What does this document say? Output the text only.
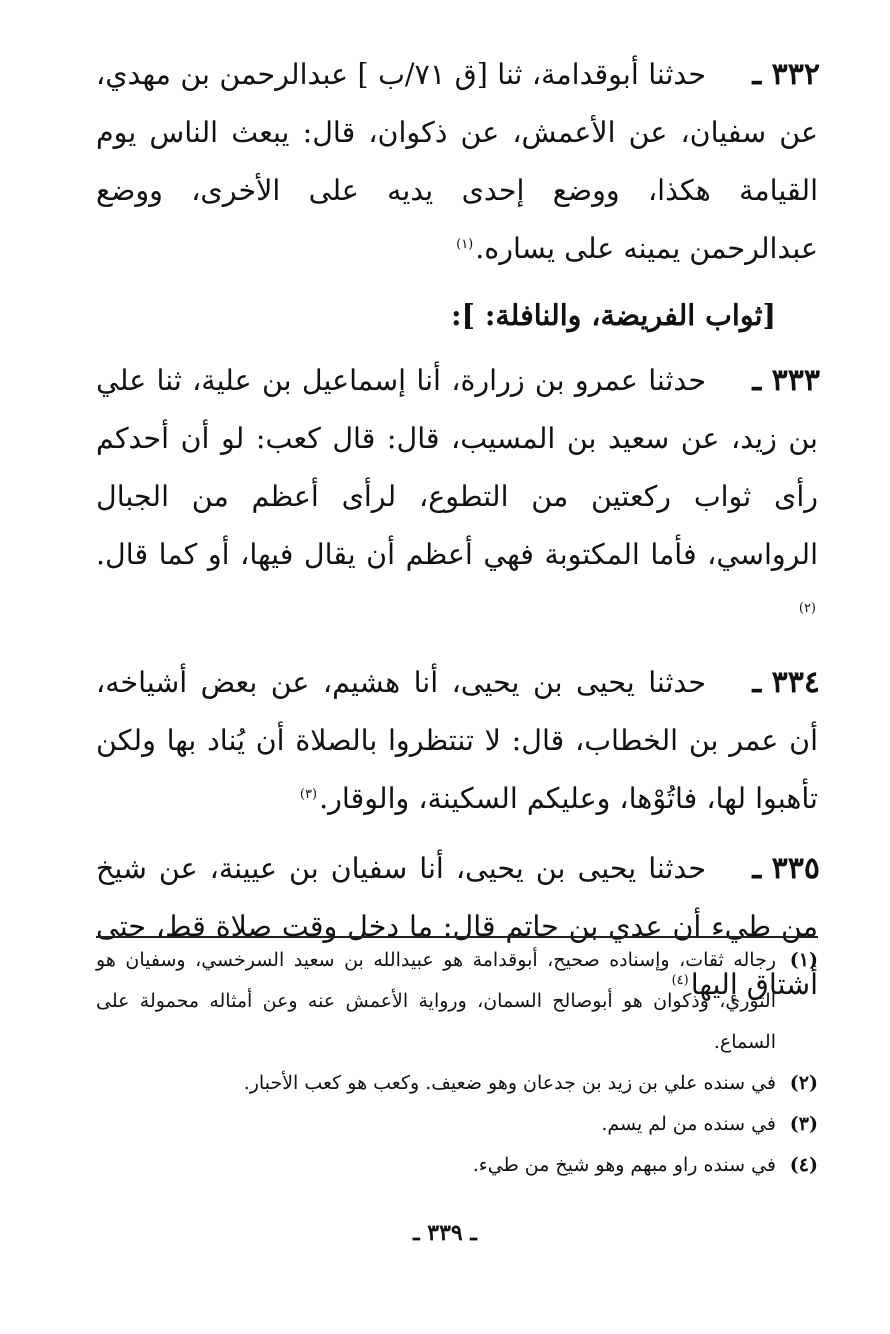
٣٣٢ ـ

حدثنا أبوقدامة، ثنا [ق ٧١/ب ] عبدالرحمن بن مهدي، عن سفيان، عن الأعمش، عن ذكوان، قال: يبعث الناس يوم القيامة هكذا، ووضع إحدى يديه على الأخرى، ووضع عبدالرحمن يمينه على يساره.$^{(١)}$

[ثواب الفريضة، والنافلة: ]:
٣٣٣ ـ

حدثنا عمرو بن زرارة، أنا إسماعيل بن علية، ثنا علي بن زيد، عن سعيد بن المسيب، قال: قال كعب: لو أن أحدكم رأى ثواب ركعتين من التطوع، لرأى أعظم من الجبال الرواسي، فأما المكتوبة فهي أعظم أن يقال فيها، أو كما قال.$^{(٢)}$

٣٣٤ ـ

حدثنا يحيى بن يحيى، أنا هشيم، عن بعض أشياخه، أن عمر بن الخطاب، قال: لا تنتظروا بالصلاة أن يُناد بها ولكن تأهبوا لها، فاتُوْها، وعليكم السكينة، والوقار.$^{(٣)}$

٣٣٥ ـ

حدثنا يحيى بن يحيى، أنا سفيان بن عيينة، عن شيخ من طيء أن عدي بن حاتم قال: ما دخل وقت صلاة قط، حتى أشتاق إليها$^{(٤)}$

(١)
رجاله ثقات، وإسناده صحيح، أبوقدامة هو عبيدالله بن سعيد السرخسي، وسفيان هو الثوري، وذكوان هو أبوصالح السمان، ورواية الأعمش عنه وعن أمثاله محمولة على السماع.
(٢)
في سنده علي بن زيد بن جدعان وهو ضعيف. وكعب هو كعب الأحبار.
(٣)
في سنده من لم يسم.
(٤)
في سنده راو مبهم وهو شيخ من طيء.
ـ ٣٣٩ ـ
